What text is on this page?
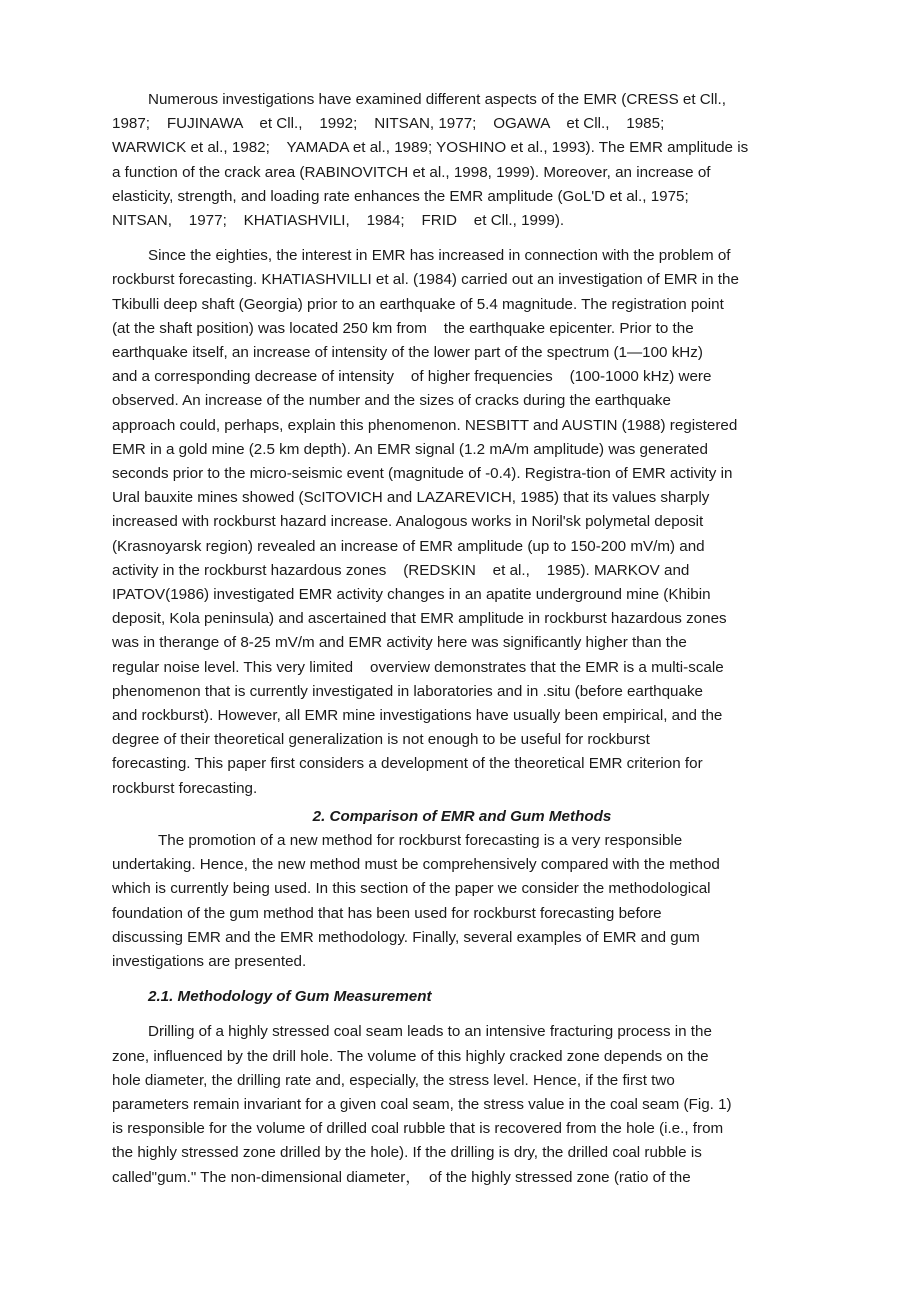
Numerous investigations have examined different aspects of the EMR (CRESS et Cll.,
1987;    FUJINAWA    et Cll.,    1992;    NITSAN, 1977;    OGAWA    et Cll.,    1985;
WARWICK et al., 1982;    YAMADA et al., 1989; YOSHINO et al., 1993). The EMR amplitude is
a function of the crack area (RABINOVITCH et al., 1998, 1999). Moreover, an increase of
elasticity, strength, and loading rate enhances the EMR amplitude (GoL'D et al., 1975;
NITSAN,    1977;    KHATIASHVILI,    1984;    FRID    et Cll., 1999).
Since the eighties, the interest in EMR has increased in connection with the problem of
rockburst forecasting. KHATIASHVILLI et al. (1984) carried out an investigation of EMR in the
Tkibulli deep shaft (Georgia) prior to an earthquake of 5.4 magnitude. The registration point
(at the shaft position) was located 250 km from    the earthquake epicenter. Prior to the
earthquake itself, an increase of intensity of the lower part of the spectrum (1—100 kHz)
and a corresponding decrease of intensity    of higher frequencies    (100-1000 kHz) were
observed. An increase of the number and the sizes of cracks during the earthquake
approach could, perhaps, explain this phenomenon. NESBITT and AUSTIN (1988) registered
EMR in a gold mine (2.5 km depth). An EMR signal (1.2 mA/m amplitude) was generated
seconds prior to the micro-seismic event (magnitude of -0.4). Registra-tion of EMR activity in
Ural bauxite mines showed (ScITOVICH and LAZAREVICH, 1985) that its values sharply
increased with rockburst hazard increase. Analogous works in Noril'sk polymetal deposit
(Krasnoyarsk region) revealed an increase of EMR amplitude (up to 150-200 mV/m) and
activity in the rockburst hazardous zones    (REDSKIN    et al.,    1985). MARKOV and
IPATOV(1986) investigated EMR activity changes in an apatite underground mine (Khibin
deposit, Kola peninsula) and ascertained that EMR amplitude in rockburst hazardous zones
was in therange of 8-25 mV/m and EMR activity here was significantly higher than the
regular noise level. This very limited    overview demonstrates that the EMR is a multi-scale
phenomenon that is currently investigated in laboratories and in .situ (before earthquake
and rockburst). However, all EMR mine investigations have usually been empirical, and the
degree of their theoretical generalization is not enough to be useful for rockburst
forecasting. This paper first considers a development of the theoretical EMR criterion for
rockburst forecasting.

2. Comparison of EMR and Gum Methods

The promotion of a new method for rockburst forecasting is a very responsible
undertaking. Hence, the new method must be comprehensively compared with the method
which is currently being used. In this section of the paper we consider the methodological
foundation of the gum method that has been used for rockburst forecasting before
discussing EMR and the EMR methodology. Finally, several examples of EMR and gum
investigations are presented.

2.1. Methodology of Gum Measurement

Drilling of a highly stressed coal seam leads to an intensive fracturing process in the
zone, influenced by the drill hole. The volume of this highly cracked zone depends on the
hole diameter, the drilling rate and, especially, the stress level. Hence, if the first two
parameters remain invariant for a given coal seam, the stress value in the coal seam (Fig. 1)
is responsible for the volume of drilled coal rubble that is recovered from the hole (i.e., from
the highly stressed zone drilled by the hole). If the drilling is dry, the drilled coal rubble is
called"gum." The non-dimensional diameter，  of the highly stressed zone (ratio of the
